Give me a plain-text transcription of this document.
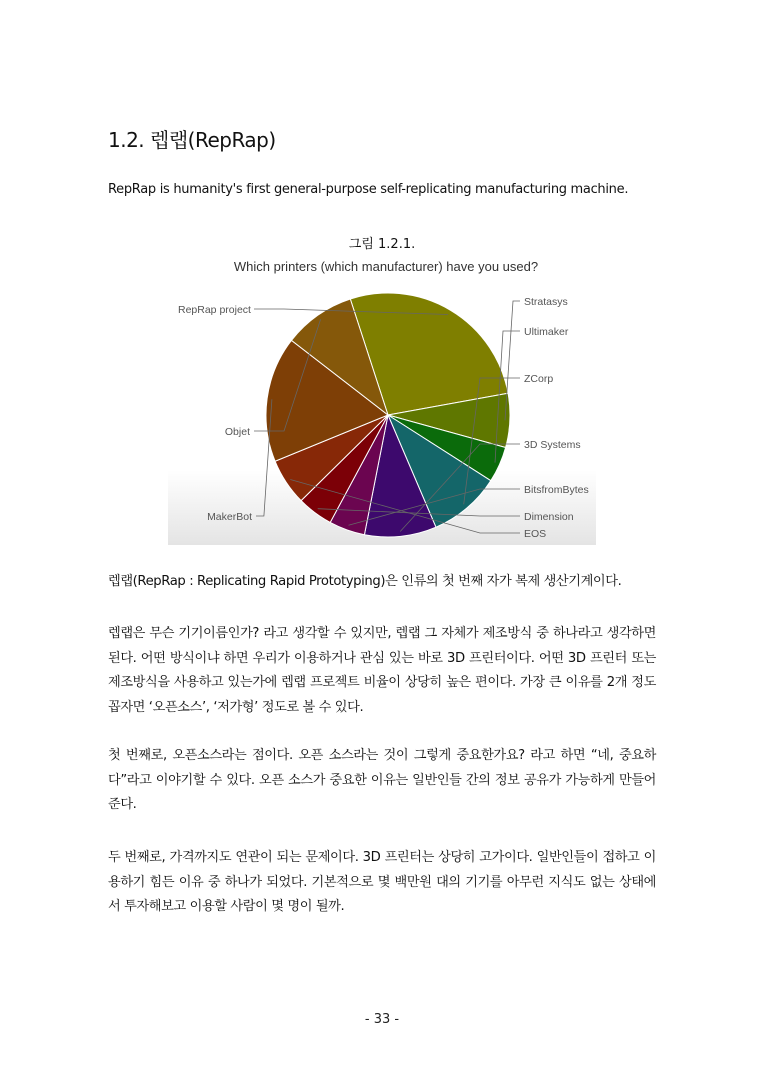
1.2. 렙랩(RepRap)
RepRap is humanity's first general-purpose self-replicating manufacturing machine.
그림 1.2.1.
Which printers (which manufacturer) have you used?
RepRap project
Stratasys
Ultimaker
ZCorp
3D Systems
BitsfromBytes
Dimension
EOS
MakerBot
Objet

렙랩(RepRap : Replicating Rapid Prototyping)은 인류의 첫 번째 자가 복제 생산기계이다.

렙랩은 무슨 기기이름인가? 라고 생각할 수 있지만, 렙랩 그 자체가 제조방식 중 하나라고 생각하면 된다. 어떤 방식이냐 하면 우리가 이용하거나 관심 있는 바로 3D 프린터이다. 어떤 3D 프린터 또는 제조방식을 사용하고 있는가에 렙랩 프로젝트 비율이 상당히 높은 편이다. 가장 큰 이유를 2개 정도 꼽자면 ‘오픈소스’, ‘저가형’ 정도로 볼 수 있다.

첫 번째로, 오픈소스라는 점이다. 오픈 소스라는 것이 그렇게 중요한가요? 라고 하면 “네, 중요하다”라고 이야기할 수 있다. 오픈 소스가 중요한 이유는 일반인들 간의 정보 공유가 가능하게 만들어준다.

두 번째로, 가격까지도 연관이 되는 문제이다. 3D 프린터는 상당히 고가이다. 일반인들이 접하고 이용하기 힘든 이유 중 하나가 되었다. 기본적으로 몇 백만원 대의 기기를 아무런 지식도 없는 상태에서 투자해보고 이용할 사람이 몇 명이 될까.

- 33 -
